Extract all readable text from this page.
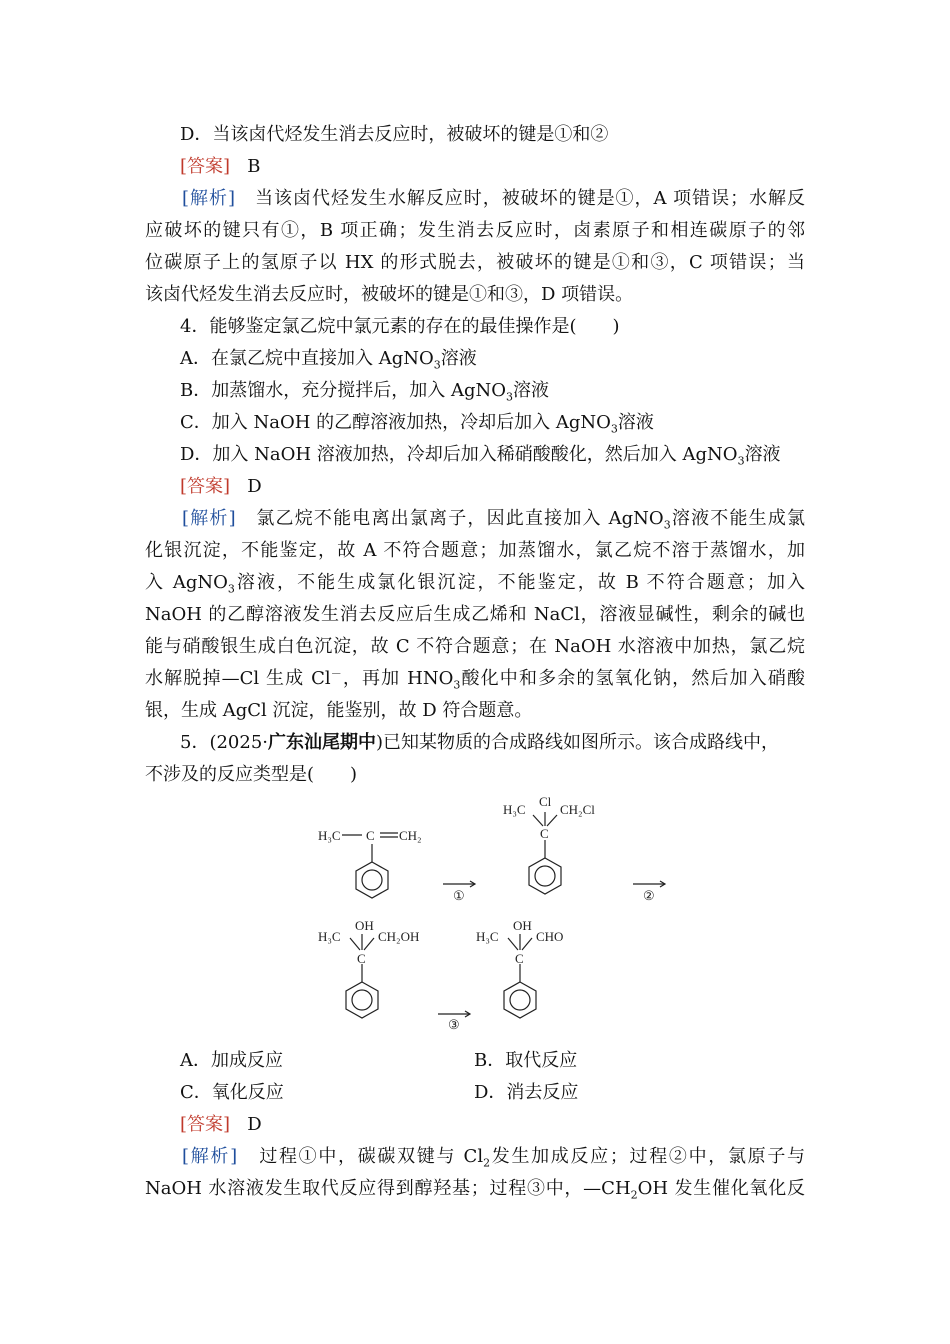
D．当该卤代烃发生消去反应时，被破坏的键是①和②
[答案] B
[解析] 当该卤代烃发生水解反应时，被破坏的键是①，A 项错误；水解反
应破坏的键只有①，B 项正确；发生消去反应时，卤素原子和相连碳原子的邻
位碳原子上的氢原子以 HX 的形式脱去，被破坏的键是①和③，C 项错误；当
该卤代烃发生消去反应时，被破坏的键是①和③，D 项错误。
4．能够鉴定氯乙烷中氯元素的存在的最佳操作是(　　)
A．在氯乙烷中直接加入 AgNO$_3$溶液
B．加蒸馏水，充分搅拌后，加入 AgNO$_3$溶液
C．加入 NaOH 的乙醇溶液加热，冷却后加入 AgNO$_3$溶液
D．加入 NaOH 溶液加热，冷却后加入稀硝酸酸化，然后加入 AgNO$_3$溶液
[答案] D
[解析] 氯乙烷不能电离出氯离子，因此直接加入 AgNO$_3$溶液不能生成氯
化银沉淀，不能鉴定，故 A 不符合题意；加蒸馏水，氯乙烷不溶于蒸馏水，加
入 AgNO$_3$溶液，不能生成氯化银沉淀，不能鉴定，故 B 不符合题意；加入
NaOH 的乙醇溶液发生消去反应后生成乙烯和 NaCl，溶液显碱性，剩余的碱也
能与硝酸银生成白色沉淀，故 C 不符合题意；在 NaOH 水溶液中加热，氯乙烷
水解脱掉—Cl 生成 Cl－，再加 $HNO_3$酸化中和多余的氢氧化钠，然后加入硝酸
银，生成 AgCl 沉淀，能鉴别，故 D 符合题意。
5．(2025·广东汕尾期中)已知某物质的合成路线如图所示。该合成路线中，
不涉及的反应类型是(　　)
H₃C C CH₂
H₃C
Cl
CH₂Cl
C
①	②
H₃C
OH
CH₂OH
C
③
H₃C
OH
CHO
C
A．加成反应	B．取代反应
C．氧化反应	D．消去反应
[答案] D
[解析] 过程①中，碳碳双键与 $Cl_2$发生加成反应；过程②中，氯原子与
NaOH 水溶液发生取代反应得到醇羟基；过程③中，$—CH_2OH$ 发生催化氧化反
